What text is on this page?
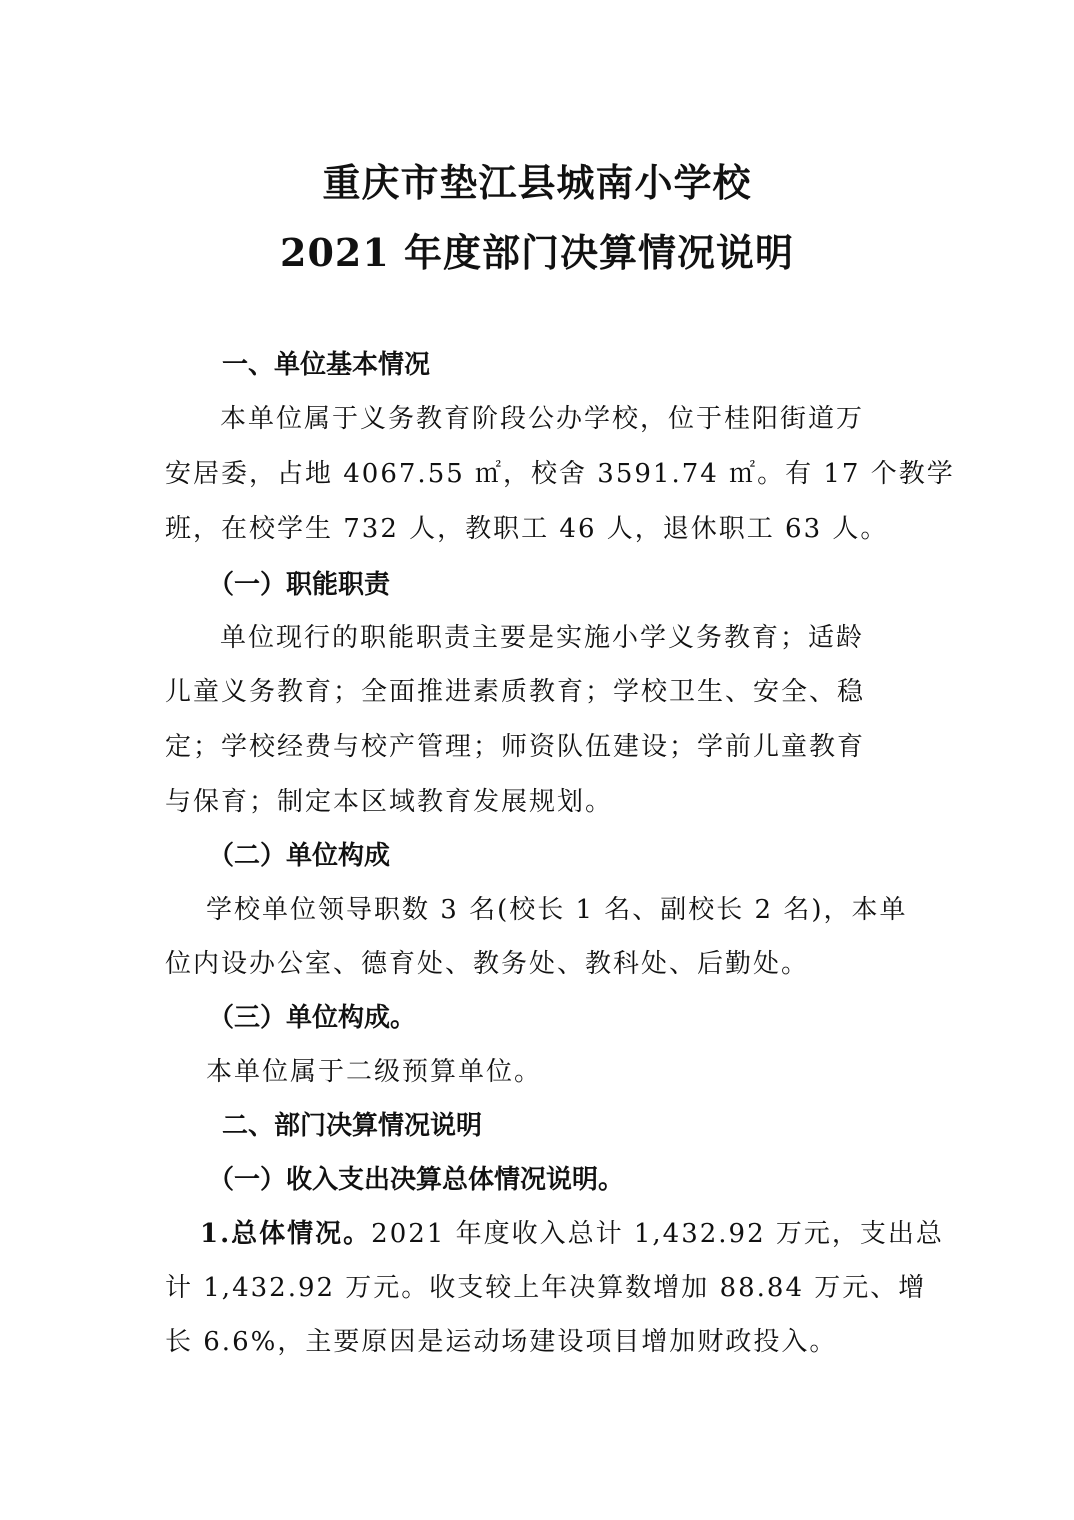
重庆市垫江县城南小学校
2021 年度部门决算情况说明
一、单位基本情况
本单位属于义务教育阶段公办学校，位于桂阳街道万
安居委，占地 4067.55 ㎡，校舍 3591.74 ㎡。有 17 个教学
班，在校学生 732 人，教职工 46 人，退休职工 63 人。
（一）职能职责
单位现行的职能职责主要是实施小学义务教育；适龄
儿童义务教育；全面推进素质教育；学校卫生、安全、稳
定；学校经费与校产管理；师资队伍建设；学前儿童教育
与保育；制定本区域教育发展规划。
（二）单位构成
学校单位领导职数 3 名(校长 1 名、副校长 2 名)，本单
位内设办公室、德育处、教务处、教科处、后勤处。
（三）单位构成。
本单位属于二级预算单位。
二、部门决算情况说明
（一）收入支出决算总体情况说明。
1.总体情况。2021 年度收入总计 1,432.92 万元，支出总
计 1,432.92 万元。收支较上年决算数增加 88.84 万元、增
长 6.6%，主要原因是运动场建设项目增加财政投入。
